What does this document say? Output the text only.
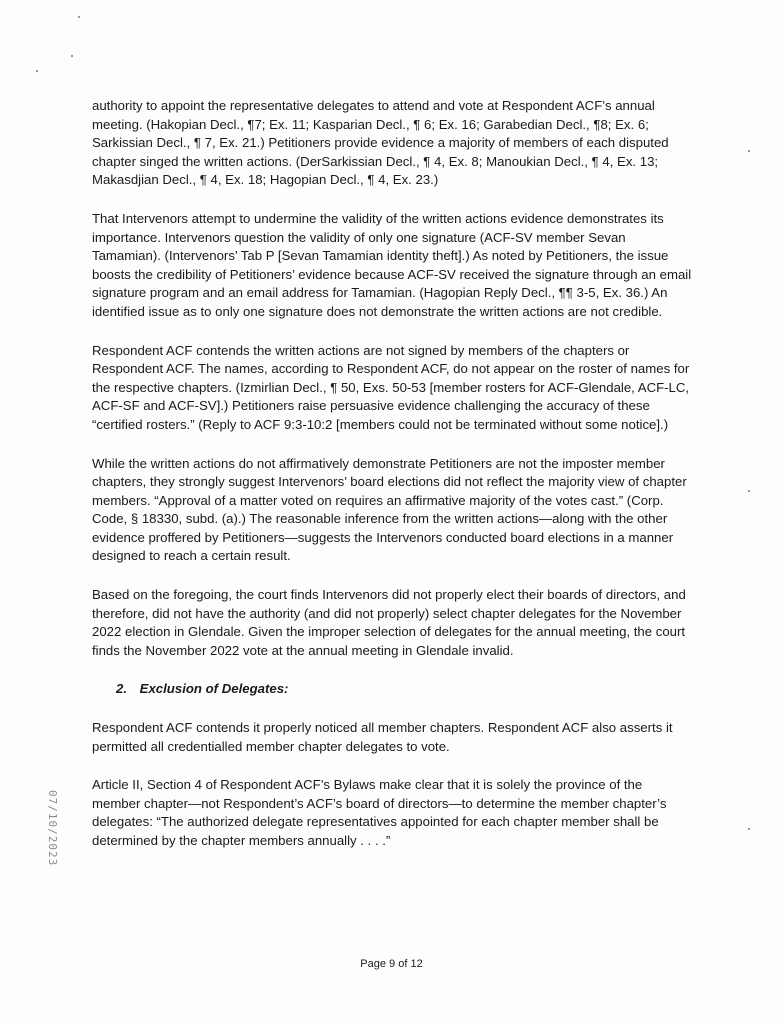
authority to appoint the representative delegates to attend and vote at Respondent ACF’s annual meeting. (Hakopian Decl., ¶7; Ex. 11; Kasparian Decl., ¶ 6; Ex. 16; Garabedian Decl., ¶8; Ex. 6; Sarkissian Decl., ¶ 7, Ex. 21.) Petitioners provide evidence a majority of members of each disputed chapter singed the written actions. (DerSarkissian Decl., ¶ 4, Ex. 8; Manoukian Decl., ¶ 4, Ex. 13; Makasdjian Decl., ¶ 4, Ex. 18; Hagopian Decl., ¶ 4, Ex. 23.)

That Intervenors attempt to undermine the validity of the written actions evidence demonstrates its importance. Intervenors question the validity of only one signature (ACF-SV member Sevan Tamamian). (Intervenors’ Tab P [Sevan Tamamian identity theft].) As noted by Petitioners, the issue boosts the credibility of Petitioners’ evidence because ACF-SV received the signature through an email signature program and an email address for Tamamian. (Hagopian Reply Decl., ¶¶ 3-5, Ex. 36.) An identified issue as to only one signature does not demonstrate the written actions are not credible.

Respondent ACF contends the written actions are not signed by members of the chapters or Respondent ACF. The names, according to Respondent ACF, do not appear on the roster of names for the respective chapters. (Izmirlian Decl., ¶ 50, Exs. 50-53 [member rosters for ACF-Glendale, ACF-LC, ACF-SF and ACF-SV].) Petitioners raise persuasive evidence challenging the accuracy of these “certified rosters.” (Reply to ACF 9:3-10:2 [members could not be terminated without some notice].)

While the written actions do not affirmatively demonstrate Petitioners are not the imposter member chapters, they strongly suggest Intervenors’ board elections did not reflect the majority view of chapter members. “Approval of a matter voted on requires an affirmative majority of the votes cast.” (Corp. Code, § 18330, subd. (a).) The reasonable inference from the written actions—along with the other evidence proffered by Petitioners—suggests the Intervenors conducted board elections in a manner designed to reach a certain result.

Based on the foregoing, the court finds Intervenors did not properly elect their boards of directors, and therefore, did not have the authority (and did not properly) select chapter delegates for the November 2022 election in Glendale. Given the improper selection of delegates for the annual meeting, the court finds the November 2022 vote at the annual meeting in Glendale invalid.

2. Exclusion of Delegates:

Respondent ACF contends it properly noticed all member chapters. Respondent ACF also asserts it permitted all credentialled member chapter delegates to vote.

Article II, Section 4 of Respondent ACF’s Bylaws make clear that it is solely the province of the member chapter—not Respondent’s ACF’s board of directors—to determine the member chapter’s delegates: “The authorized delegate representatives appointed for each chapter member shall be determined by the chapter members annually . . . .”

07/10/2023
Page 9 of 12
